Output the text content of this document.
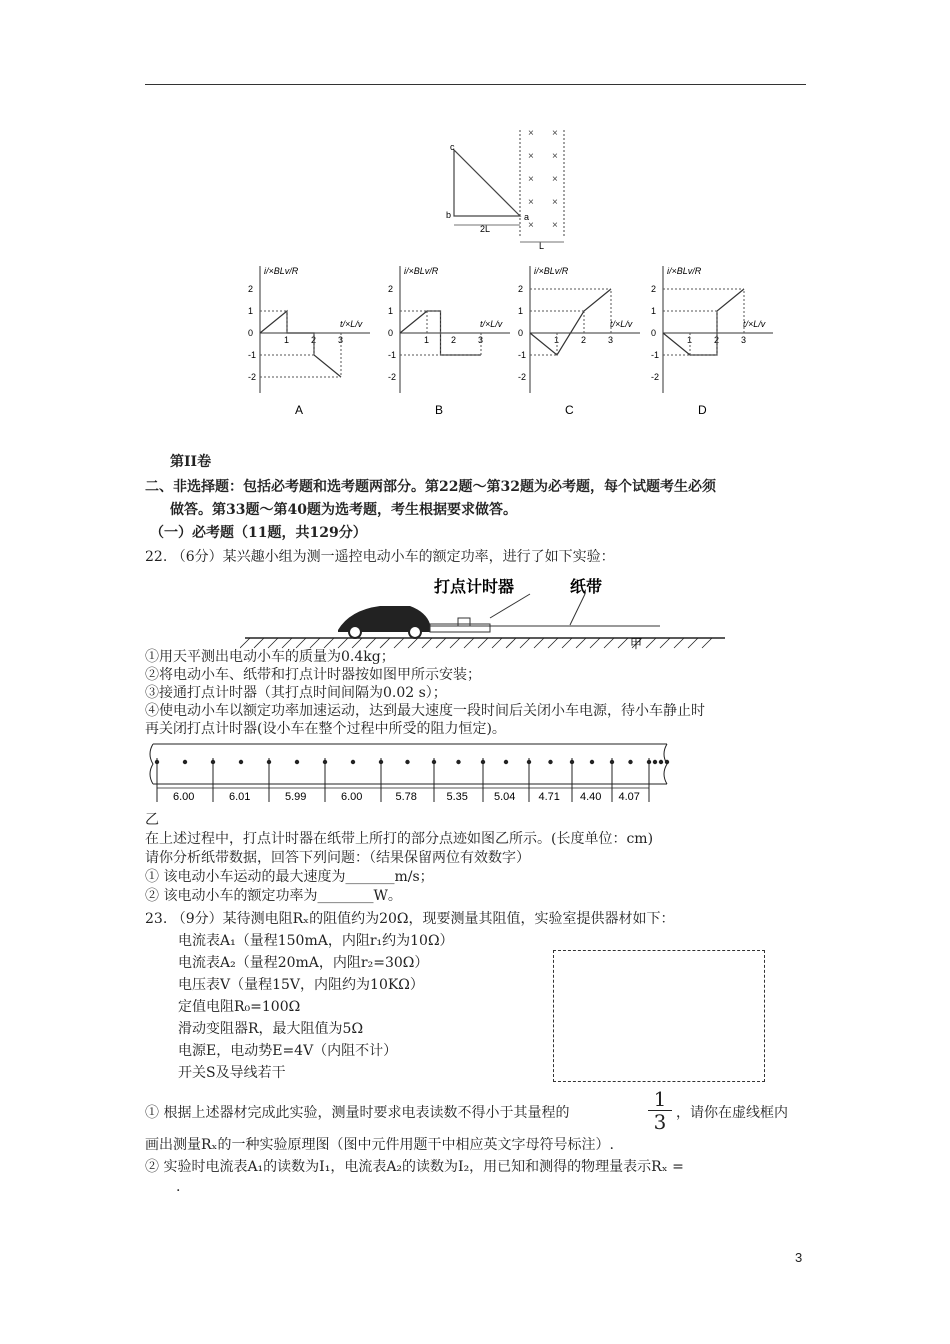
× ×
× ×
× ×
× ×
× ×
c
b
2L
a
L
i/×BLv/R
t/×L/v
2
1
0
-1
-2
1 2 3
A
i/×BLv/R
t/×L/v
2
1
0
-1
-2
1 2 3
B
i/×BLv/R
t/×L/v
2
1
0
-1
-2
1 2 3
C
i/×BLv/R
t/×L/v
2
1
0
-1
-2
1 2 3
D
第II卷
二、非选择题：包括必考题和选考题两部分。第22题～第32题为必考题，每个试题考生必须
做答。第33题～第40题为选考题，考生根据要求做答。
（一）必考题（11题，共129分）
22. （6分）某兴趣小组为测一遥控电动小车的额定功率，进行了如下实验：
打点计时器	纸带
甲
①用天平测出电动小车的质量为0.4kg；
②将电动小车、纸带和打点计时器按如图甲所示安装；
③接通打点计时器（其打点时间间隔为0.02 s）；
④使电动小车以额定功率加速运动，达到最大速度一段时间后关闭小车电源，待小车静止时
再关闭打点计时器(设小车在整个过程中所受的阻力恒定)。
6.00	6.01	5.99	6.00	5.78	5.35 5.04 4.71 4.40 4.07
乙
在上述过程中，打点计时器在纸带上所打的部分点迹如图乙所示。(长度单位：cm)
请你分析纸带数据，回答下列问题：（结果保留两位有效数字）
① 该电动小车运动的最大速度为_______m/s；
② 该电动小车的额定功率为________W。
23. （9分）某待测电阻Rₓ的阻值约为20Ω，现要测量其阻值，实验室提供器材如下：
电流表A₁（量程150mA，内阻r₁约为10Ω）
电流表A₂（量程20mA，内阻r₂=30Ω）
电压表V（量程15V，内阻约为10KΩ）
定值电阻R₀=100Ω
滑动变阻器R，最大阻值为5Ω
电源E，电动势E=4V（内阻不计）
开关S及导线若干
① 根据上述器材完成此实验，测量时要求电表读数不得小于其量程的	$\frac{1}{3}$ ，请你在虚线框内
画出测量Rₓ的一种实验原理图（图中元件用题干中相应英文字母符号标注）.
② 实验时电流表A₁的读数为I₁，电流表A₂的读数为I₂，用已知和测得的物理量表示Rₓ =
.
3
